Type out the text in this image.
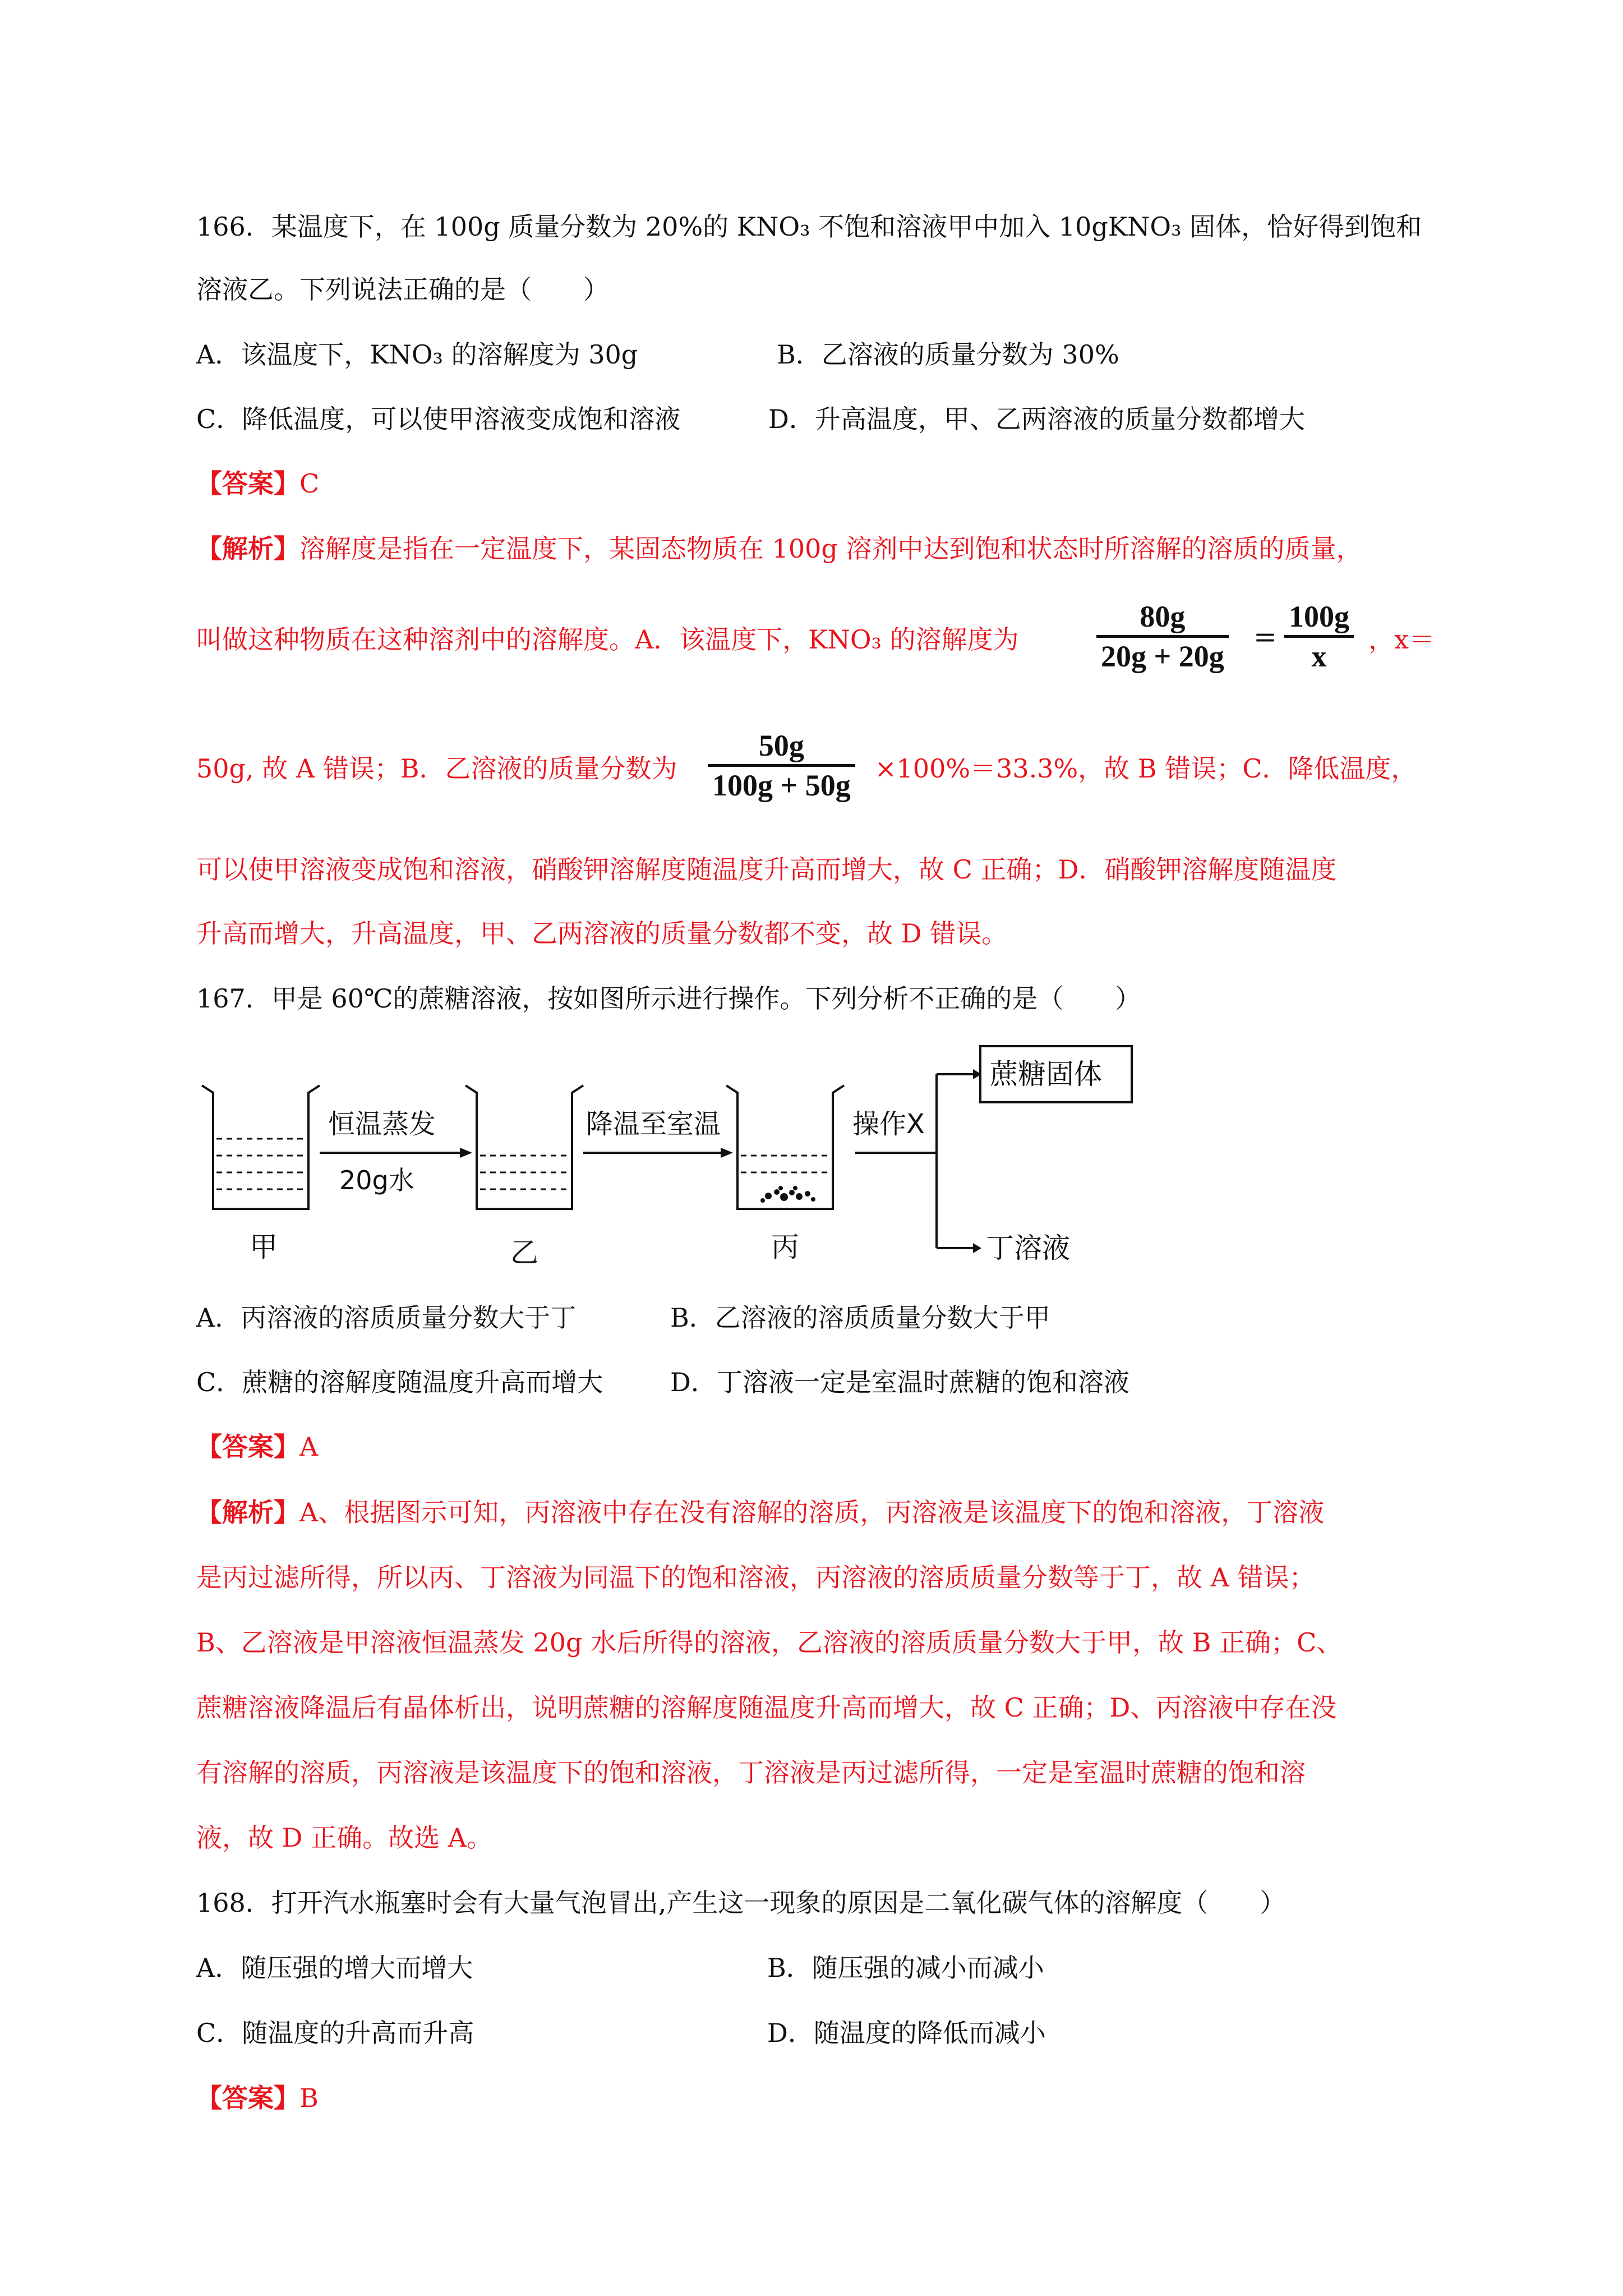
166．某温度下，在 100g 质量分数为 20%的 KNO₃ 不饱和溶液甲中加入 10gKNO₃ 固体，恰好得到饱和
溶液乙。下列说法正确的是（　　）
A．该温度下，KNO₃ 的溶解度为 30g	B．乙溶液的质量分数为 30%
C．降低温度，可以使甲溶液变成饱和溶液	D．升高温度，甲、乙两溶液的质量分数都增大
【答案】C
【解析】溶解度是指在一定温度下，某固态物质在 100g 溶剂中达到饱和状态时所溶解的溶质的质量，
叫做这种物质在这种溶剂中的溶解度。A．该温度下，KNO₃ 的溶解度为
80g
20g + 20g
=
100g
x ，x＝
50g, 故 A 错误；B．乙溶液的质量分数为
50g
100g + 50g ×100%＝33.3%，故 B 错误；C．降低温度，
可以使甲溶液变成饱和溶液，硝酸钾溶解度随温度升高而增大，故 C 正确；D．硝酸钾溶解度随温度
升高而增大，升高温度，甲、乙两溶液的质量分数都不变，故 D 错误。
167．甲是 60℃的蔗糖溶液，按如图所示进行操作。下列分析不正确的是（　　）
恒温蒸发
20g水
降温至室温	操作X
蔗糖固体
丁溶液
甲	乙	丙
A．丙溶液的溶质质量分数大于丁	B．乙溶液的溶质质量分数大于甲
C．蔗糖的溶解度随温度升高而增大	D．丁溶液一定是室温时蔗糖的饱和溶液
【答案】A
【解析】A、根据图示可知，丙溶液中存在没有溶解的溶质，丙溶液是该温度下的饱和溶液，丁溶液
是丙过滤所得，所以丙、丁溶液为同温下的饱和溶液，丙溶液的溶质质量分数等于丁，故 A 错误；
B、乙溶液是甲溶液恒温蒸发 20g 水后所得的溶液，乙溶液的溶质质量分数大于甲，故 B 正确；C、
蔗糖溶液降温后有晶体析出，说明蔗糖的溶解度随温度升高而增大，故 C 正确；D、丙溶液中存在没
有溶解的溶质，丙溶液是该温度下的饱和溶液，丁溶液是丙过滤所得，一定是室温时蔗糖的饱和溶
液，故 D 正确。故选 A。
168．打开汽水瓶塞时会有大量气泡冒出,产生这一现象的原因是二氧化碳气体的溶解度（　　）
A．随压强的增大而增大	B．随压强的减小而减小
C．随温度的升高而升高	D．随温度的降低而减小
【答案】B
